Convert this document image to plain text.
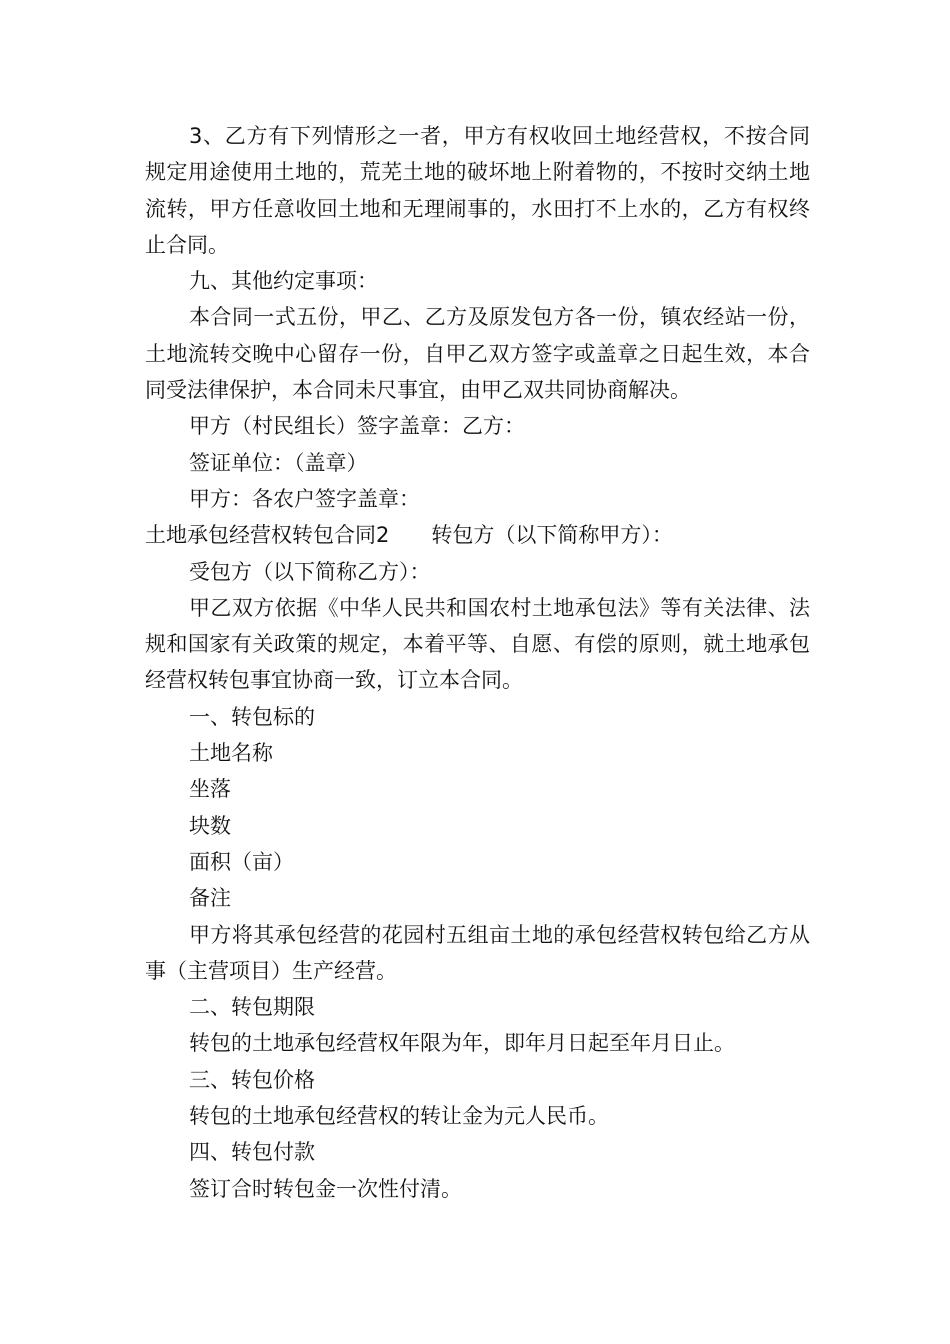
3、乙方有下列情形之一者，甲方有权收回土地经营权，不按合同规定用途使用土地的，荒芜土地的破坏地上附着物的，不按时交纳土地流转，甲方任意收回土地和无理闹事的，水田打不上水的，乙方有权终止合同。

九、其他约定事项：

本合同一式五份，甲乙、乙方及原发包方各一份，镇农经站一份，土地流转交晚中心留存一份，自甲乙双方签字或盖章之日起生效，本合同受法律保护，本合同未尺事宜，由甲乙双共同协商解决。

甲方（村民组长）签字盖章：乙方：

签证单位：（盖章）

甲方：各农户签字盖章：

土地承包经营权转包合同2 转包方（以下简称甲方）：

受包方（以下简称乙方）：

甲乙双方依据《中华人民共和国农村土地承包法》等有关法律、法规和国家有关政策的规定，本着平等、自愿、有偿的原则，就土地承包经营权转包事宜协商一致，订立本合同。

一、转包标的

土地名称

坐落

块数

面积（亩）

备注

甲方将其承包经营的花园村五组亩土地的承包经营权转包给乙方从事（主营项目）生产经营。

二、转包期限

转包的土地承包经营权年限为年，即年月日起至年月日止。

三、转包价格

转包的土地承包经营权的转让金为元人民币。

四、转包付款

签订合时转包金一次性付清。
